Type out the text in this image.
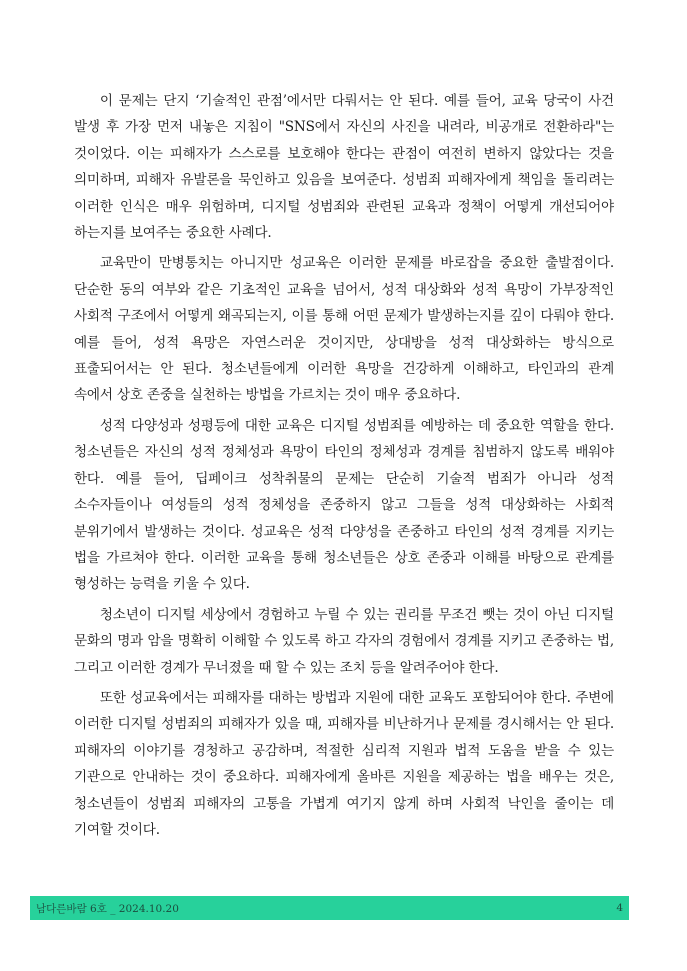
이 문제는 단지 ‘기술적인 관점’에서만 다뤄서는 안 된다. 예를 들어, 교육 당국이 사건 발생 후 가장 먼저 내놓은 지침이 "SNS에서 자신의 사진을 내려라, 비공개로 전환하라"는 것이었다. 이는 피해자가 스스로를 보호해야 한다는 관점이 여전히 변하지 않았다는 것을 의미하며, 피해자 유발론을 묵인하고 있음을 보여준다. 성범죄 피해자에게 책임을 돌리려는 이러한 인식은 매우 위험하며, 디지털 성범죄와 관련된 교육과 정책이 어떻게 개선되어야 하는지를 보여주는 중요한 사례다.

교육만이 만병통치는 아니지만 성교육은 이러한 문제를 바로잡을 중요한 출발점이다. 단순한 동의 여부와 같은 기초적인 교육을 넘어서, 성적 대상화와 성적 욕망이 가부장적인 사회적 구조에서 어떻게 왜곡되는지, 이를 통해 어떤 문제가 발생하는지를 깊이 다뤄야 한다. 예를 들어, 성적 욕망은 자연스러운 것이지만, 상대방을 성적 대상화하는 방식으로 표출되어서는 안 된다. 청소년들에게 이러한 욕망을 건강하게 이해하고, 타인과의 관계 속에서 상호 존중을 실천하는 방법을 가르치는 것이 매우 중요하다.

성적 다양성과 성평등에 대한 교육은 디지털 성범죄를 예방하는 데 중요한 역할을 한다. 청소년들은 자신의 성적 정체성과 욕망이 타인의 정체성과 경계를 침범하지 않도록 배워야 한다. 예를 들어, 딥페이크 성착취물의 문제는 단순히 기술적 범죄가 아니라 성적 소수자들이나 여성들의 성적 정체성을 존중하지 않고 그들을 성적 대상화하는 사회적 분위기에서 발생하는 것이다. 성교육은 성적 다양성을 존중하고 타인의 성적 경계를 지키는 법을 가르쳐야 한다. 이러한 교육을 통해 청소년들은 상호 존중과 이해를 바탕으로 관계를 형성하는 능력을 키울 수 있다.

청소년이 디지털 세상에서 경험하고 누릴 수 있는 권리를 무조건 뺏는 것이 아닌 디지털 문화의 명과 암을 명확히 이해할 수 있도록 하고 각자의 경험에서 경계를 지키고 존중하는 법, 그리고 이러한 경계가 무너졌을 때 할 수 있는 조치 등을 알려주어야 한다.

또한 성교육에서는 피해자를 대하는 방법과 지원에 대한 교육도 포함되어야 한다. 주변에 이러한 디지털 성범죄의 피해자가 있을 때, 피해자를 비난하거나 문제를 경시해서는 안 된다. 피해자의 이야기를 경청하고 공감하며, 적절한 심리적 지원과 법적 도움을 받을 수 있는 기관으로 안내하는 것이 중요하다. 피해자에게 올바른 지원을 제공하는 법을 배우는 것은, 청소년들이 성범죄 피해자의 고통을 가볍게 여기지 않게 하며 사회적 낙인을 줄이는 데 기여할 것이다.

남다른바람 6호 _ 2024.10.20	4
